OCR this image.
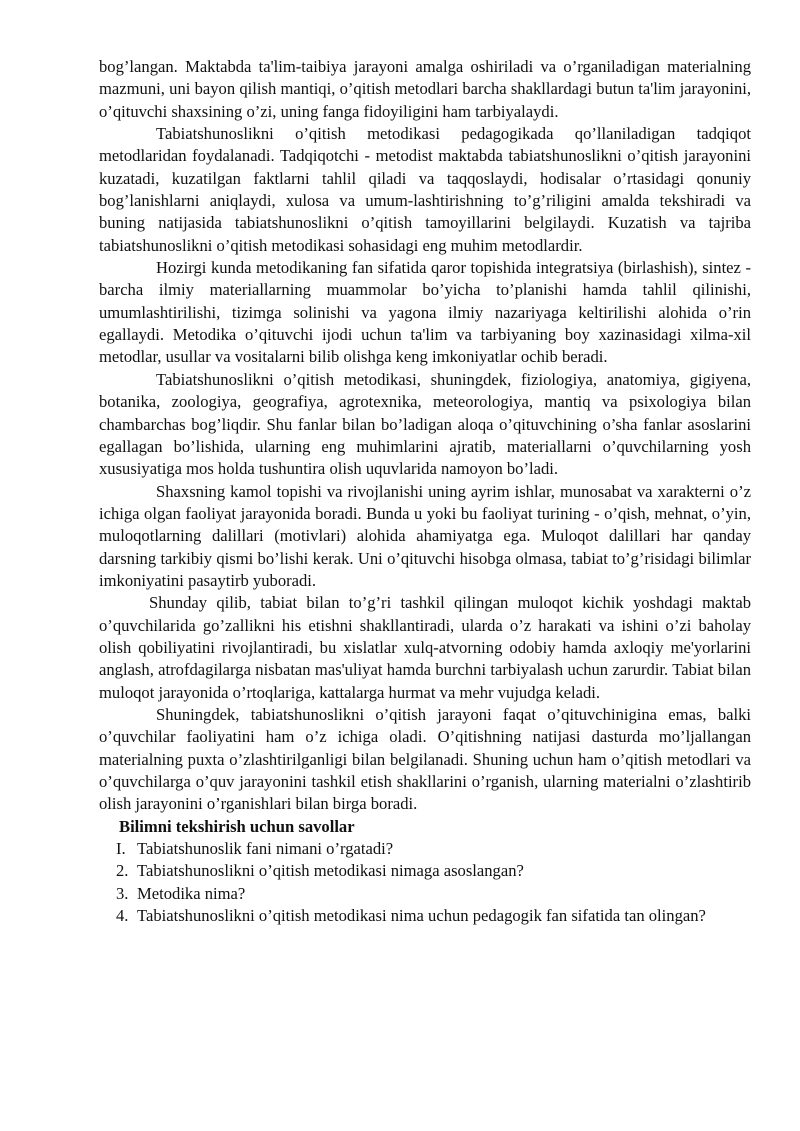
bog’langan. Maktabda ta'lim-taibiya jarayoni amalga oshiriladi va o’rganiladigan materialning mazmuni, uni bayon qilish mantiqi, o’qitish metodlari barcha shakllardagi butun ta'lim jarayonini, o’qituvchi shaxsining o’zi, uning fanga fidoyiligini ham tarbiyalaydi.

Tabiatshunoslikni o’qitish metodikasi pedagogikada qo’llaniladigan tadqiqot metodlaridan foydalanadi. Tadqiqotchi - metodist maktabda tabiatshunoslikni o’qitish jarayonini kuzatadi, kuzatilgan faktlarni tahlil qiladi va taqqoslaydi, hodisalar o’rtasidagi qonuniy bog’lanishlarni aniqlaydi, xulosa va umum-lashtirishning to’g’riligini amalda tekshiradi va buning natijasida tabiatshunoslikni o’qitish tamoyillarini belgilaydi. Kuzatish va tajriba tabiatshunoslikni o’qitish metodikasi sohasidagi eng muhim metodlardir.

Hozirgi kunda metodikaning fan sifatida qaror topishida integratsiya (birlashish), sintez - barcha ilmiy materiallarning muammolar bo’yicha to’planishi hamda tahlil qilinishi, umumlashtirilishi, tizimga solinishi va yagona ilmiy nazariyaga keltirilishi alohida o’rin egallaydi. Metodika o’qituvchi ijodi uchun ta'lim va tarbiyaning boy xazinasidagi xilma-xil metodlar, usullar va vositalarni bilib olishga keng imkoniyatlar ochib beradi.

Tabiatshunoslikni o’qitish metodikasi, shuningdek, fiziologiya, anatomiya, gigiyena, botanika, zoologiya, geografiya, agrotexnika, meteorologiya, mantiq va psixologiya bilan chambarchas bog’liqdir. Shu fanlar bilan bo’ladigan aloqa o’qituvchining o’sha fanlar asoslarini egallagan bo’lishida, ularning eng muhimlarini ajratib, materiallarni o’quvchilarning yosh xususiyatiga mos holda tushuntira olish uquvlarida namoyon bo’ladi.

Shaxsning kamol topishi va rivojlanishi uning ayrim ishlar, munosabat va xarakterni o’z ichiga olgan faoliyat jarayonida boradi. Bunda u yoki bu faoliyat turining - o’qish, mehnat, o’yin, muloqotlarning dalillari (motivlari) alohida ahamiyatga ega. Muloqot dalillari har qanday darsning tarkibiy qismi bo’lishi kerak. Uni o’qituvchi hisobga olmasa, tabiat to’g’risidagi bilimlar imkoniyatini pasaytirb yuboradi.

Shunday qilib, tabiat bilan to’g’ri tashkil qilingan muloqot kichik yoshdagi maktab o’quvchilarida go’zallikni his etishni shakllantiradi, ularda o’z harakati va ishini o’zi baholay olish qobiliyatini rivojlantiradi, bu xislatlar xulq-atvorning odobiy hamda axloqiy me'yorlarini anglash, atrofdagilarga nisbatan mas'uliyat hamda burchni tarbiyalash uchun zarurdir. Tabiat bilan muloqot jarayonida o’rtoqlariga, kattalarga hurmat va mehr vujudga keladi.

Shuningdek, tabiatshunoslikni o’qitish jarayoni faqat o’qituvchinigina emas, balki o’quvchilar faoliyatini ham o’z ichiga oladi. O’qitishning natijasi dasturda mo’ljallangan materialning puxta o’zlashtirilganligi bilan belgilanadi. Shuning uchun ham o’qitish metodlari va o’quvchilarga o’quv jarayonini tashkil etish shakllarini o’rganish, ularning materialni o’zlashtirib olish jarayonini o’rganishlari bilan birga boradi.

Bilimni tekshirish uchun savollar

I. Tabiatshunoslik fani nimani o’rgatadi?
2. Tabiatshunoslikni o’qitish metodikasi nimaga asoslangan?
3. Metodika nima?
4. Tabiatshunoslikni o’qitish metodikasi nima uchun pedagogik fan sifatida tan olingan?
